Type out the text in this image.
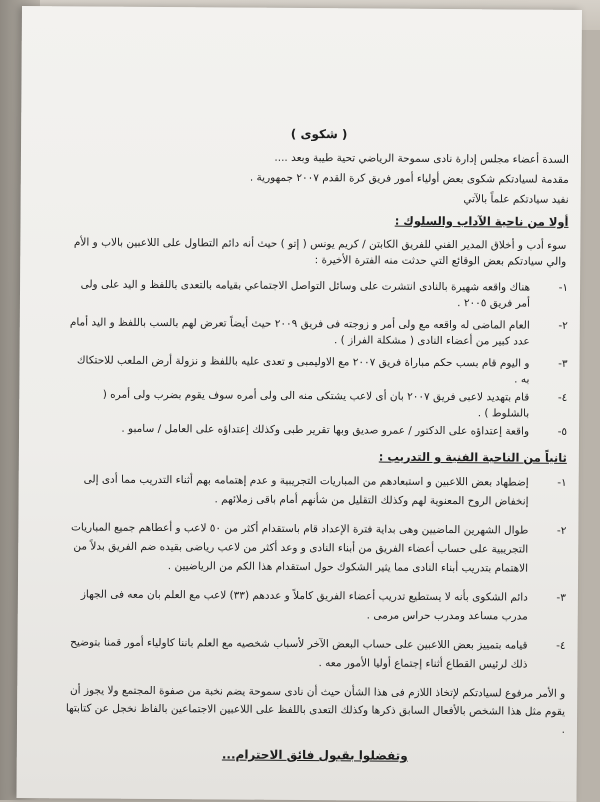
( شكوى )

السدة أعضاء مجلس إدارة نادى سموحة الرياضي تحية طيبة وبعد ....

مقدمة لسيادتكم شكوى بعض أولياء أمور فريق كرة القدم ٢٠٠٧ جمهورية .

نفيد سيادتكم علماً بالآتي

أولا من ناحية الآداب والسلوك :

سوء أدب و أخلاق المدير الفني للفريق الكابتن / كريم يونس ( إتو ) حيث أنه دائم التطاول على اللاعبين بالاب و الأم

والي سيادتكم بعض الوقائع التي حدثت منه الفترة الأخيرة :

١-
هناك واقعه شهيرة بالنادى انتشرت على وسائل التواصل الاجتماعي بقيامه بالتعدى باللفظ و اليد على ولى أمر فريق ٢٠٠٥ .
٢-
العام الماضى له واقعه مع ولى أمر و زوجته فى فريق ٢٠٠٩ حيث أيضاً تعرض لهم بالسب باللفظ و اليد أمام عدد كبير من أعضاء النادى ( مشكلة الفراز ) .
٣-
و اليوم قام بسب حكم مباراة فريق ٢٠٠٧ مع الاوليمبى و تعدى عليه باللفظ و نزولة أرض الملعب للاحتكاك به .
٤-
قام بتهديد لاعبى فريق ٢٠٠٧ بان أى لاعب يشتكى منه الى ولى أمره سوف يقوم بضرب ولى أمره ( بالشلوط ) .
٥-
واقعة إعتداؤه على الدكتور / عمرو صديق وبها تقرير طبى وكذلك إعتداؤه على العامل / سامبو .
ثانياً من الناحية الفنية و التدريب :
١-
إضطهاد بعض اللاعبين و استبعادهم من المباريات التجريبية و عدم إهتمامه بهم أثناء التدريب مما أدى إلى إنخفاض الروح المعنوية لهم وكذلك التقليل من شأنهم أمام باقى زملائهم .
٢-
طوال الشهرين الماضيين وهى بداية فترة الإعداد قام باستقدام أكثر من ٥٠ لاعب و أعطاهم جميع المباريات التجريبية على حساب أعضاء الفريق من أبناء النادى و وعد أكثر من لاعب رياضى بقيده ضم الفريق بدلاً من الاهتمام بتدريب أبناء النادى مما يثير الشكوك حول استقدام هذا الكم من الرياضيين .
٣-
دائم الشكوى بأنه لا يستطيع تدريب أعضاء الفريق كاملاً و عددهم (٣٣) لاعب مع العلم بان معه فى الجهاز مدرب مساعد ومدرب حراس مرمى .
٤-
قيامه بتمييز بعض اللاعبين على حساب البعض الآخر لأسباب شخصيه مع العلم باننا كاولياء أمور قمنا بتوضيح ذلك لرئيس القطاع أثناء إجتماع أوليا الأمور معه .

و الأمر مرفوع لسيادتكم لإتخاذ اللازم فى هذا الشأن حيث أن نادى سموحة يضم نخبة من صفوة المجتمع ولا يجوز أن يقوم مثل هذا الشخص بالأفعال السابق ذكرها وكذلك التعدى باللفظ على اللاعبين الاجتماعين بالفاظ نخجل عن كتابتها .

وتفضلوا بقبول فائق الاحترام...
